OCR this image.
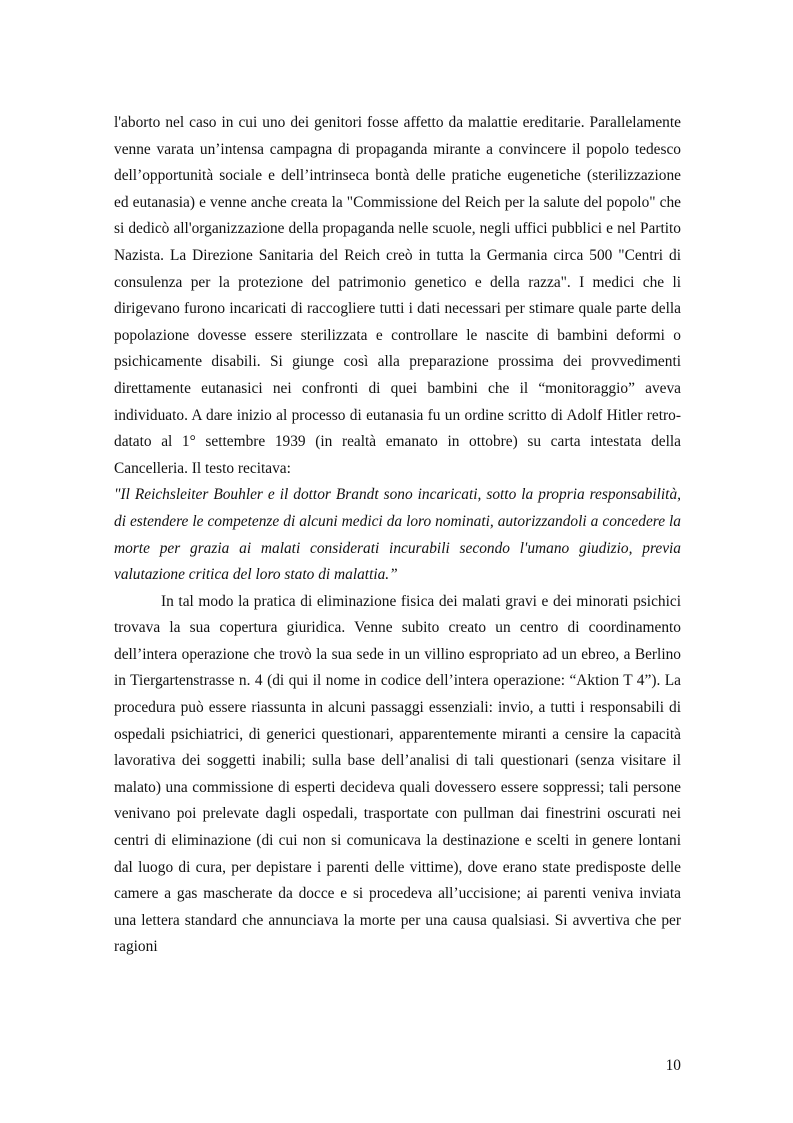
l'aborto nel caso in cui uno dei genitori fosse affetto da malattie ereditarie. Parallelamente venne varata un’intensa campagna di propaganda mirante a convincere il popolo tedesco dell’opportunità sociale e dell’intrinseca bontà delle pratiche eugenetiche (sterilizzazione ed eutanasia) e venne anche creata la "Commissione del Reich per la salute del popolo" che si dedicò all'organizzazione della propaganda nelle scuole, negli uffici pubblici e nel Partito Nazista. La Direzione Sanitaria del Reich creò in tutta la Germania circa 500 "Centri di consulenza per la protezione del patrimonio genetico e della razza". I medici che li dirigevano furono incaricati di raccogliere tutti i dati necessari per stimare quale parte della popolazione dovesse essere sterilizzata e controllare le nascite di bambini deformi o psichicamente disabili. Si giunge così alla preparazione prossima dei provvedimenti direttamente eutanasici nei confronti di quei bambini che il “monitoraggio” aveva individuato. A dare inizio al processo di eutanasia fu un ordine scritto di Adolf Hitler retro-datato al 1° settembre 1939 (in realtà emanato in ottobre) su carta intestata della Cancelleria. Il testo recitava:

"Il Reichsleiter Bouhler e il dottor Brandt sono incaricati, sotto la propria responsabilità, di estendere le competenze di alcuni medici da loro nominati, autorizzandoli a concedere la morte per grazia ai malati considerati incurabili secondo l'umano giudizio, previa valutazione critica del loro stato di malattia.”

In tal modo la pratica di eliminazione fisica dei malati gravi e dei minorati psichici trovava la sua copertura giuridica. Venne subito creato un centro di coordinamento dell’intera operazione che trovò la sua sede in un villino espropriato ad un ebreo, a Berlino in Tiergartenstrasse n. 4 (di qui il nome in codice dell’intera operazione: “Aktion T 4”). La procedura può essere riassunta in alcuni passaggi essenziali: invio, a tutti i responsabili di ospedali psichiatrici, di generici questionari, apparentemente miranti a censire la capacità lavorativa dei soggetti inabili; sulla base dell’analisi di tali questionari (senza visitare il malato) una commissione di esperti decideva quali dovessero essere soppressi; tali persone venivano poi prelevate dagli ospedali, trasportate con pullman dai finestrini oscurati nei centri di eliminazione (di cui non si comunicava la destinazione e scelti in genere lontani dal luogo di cura, per depistare i parenti delle vittime), dove erano state predisposte delle camere a gas mascherate da docce e si procedeva all’uccisione; ai parenti veniva inviata una lettera standard che annunciava la morte per una causa qualsiasi. Si avvertiva che per ragioni

10
